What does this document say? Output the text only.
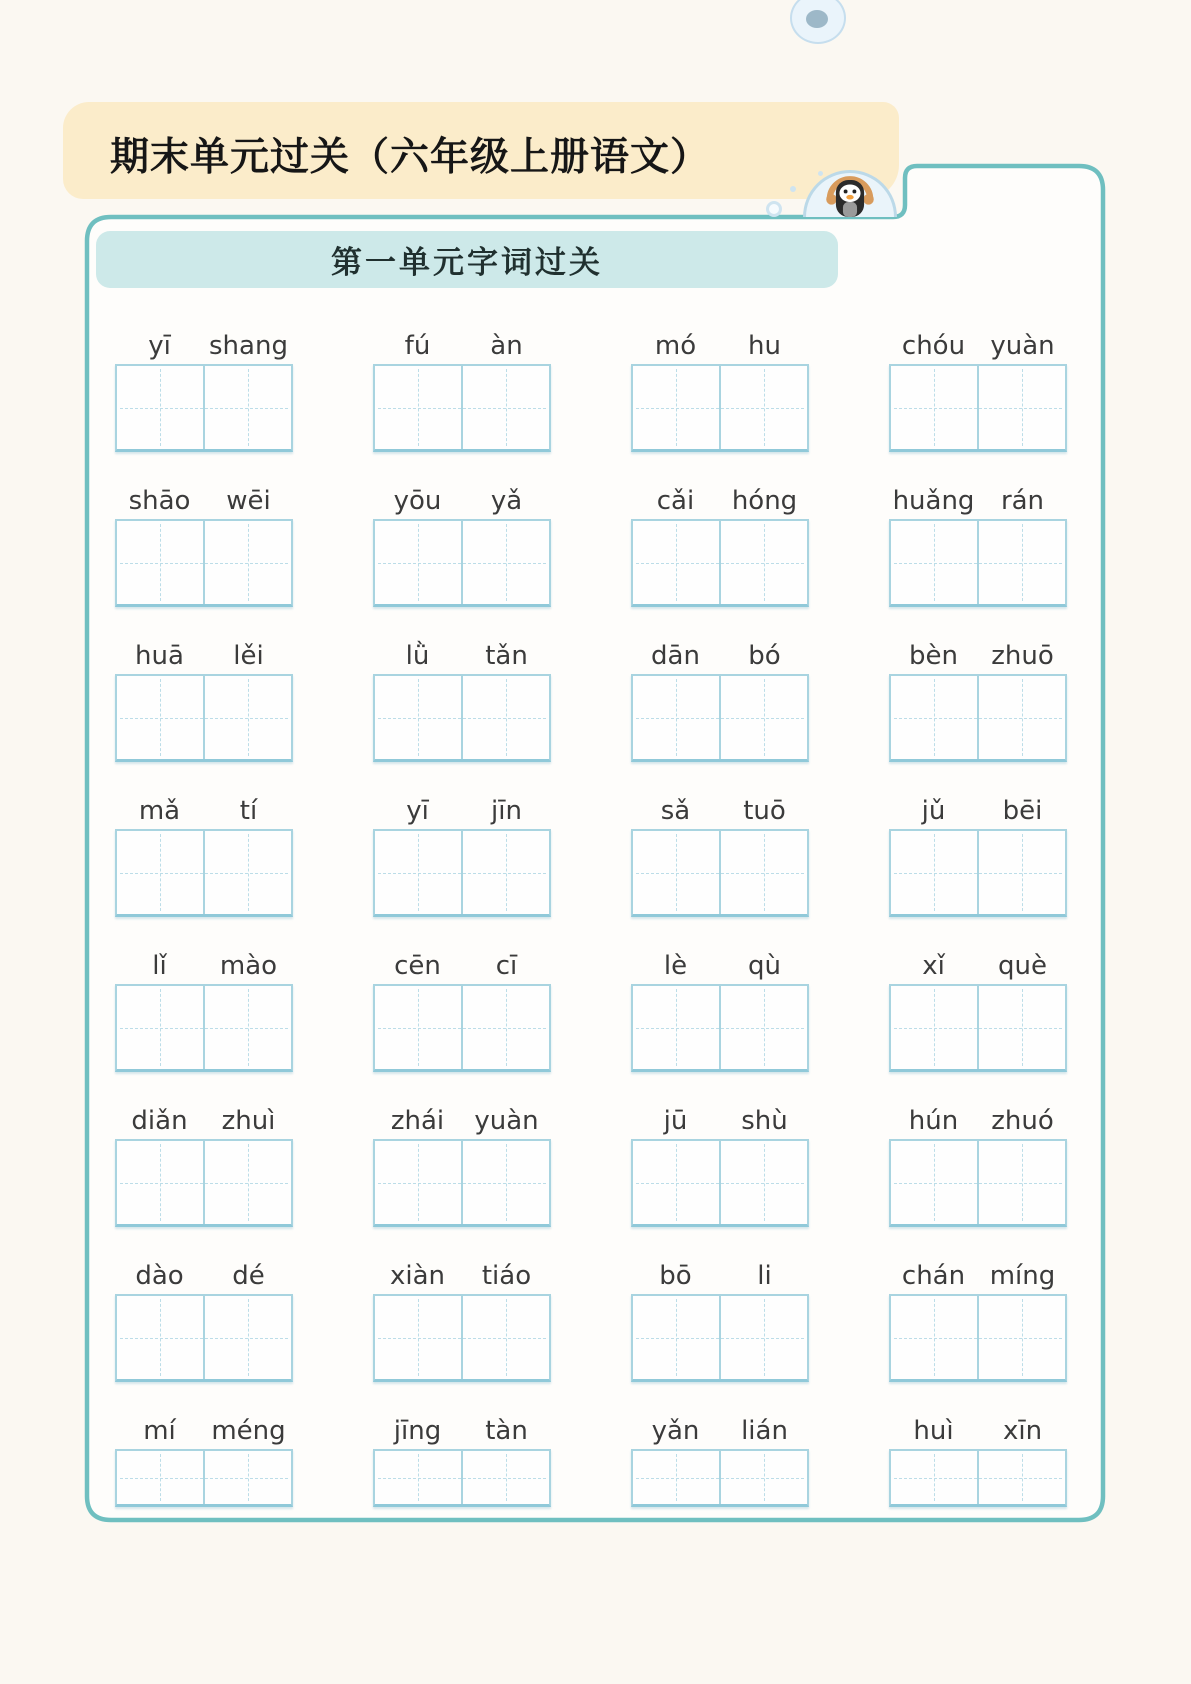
期末单元过关（六年级上册语文）
第一单元字词过关
yī	shang	fú	àn	mó	hu	chóu yuàn
shāo	wēi	yōu	yǎ	cǎi	hóng	huǎng	rán
huā	lěi	lǜ	tǎn	dān	bó	bèn	zhuō
mǎ	tí	yī	jīn	sǎ	tuō	jǔ	bēi
lǐ	mào	cēn	cī	lè	qù	xǐ	què
diǎn	zhuì	zhái	yuàn	jū	shù	hún	zhuó
dào	dé	xiàn	tiáo	bō	li	chán míng
mí	méng	jīng	tàn	yǎn	lián	huì	xīn
